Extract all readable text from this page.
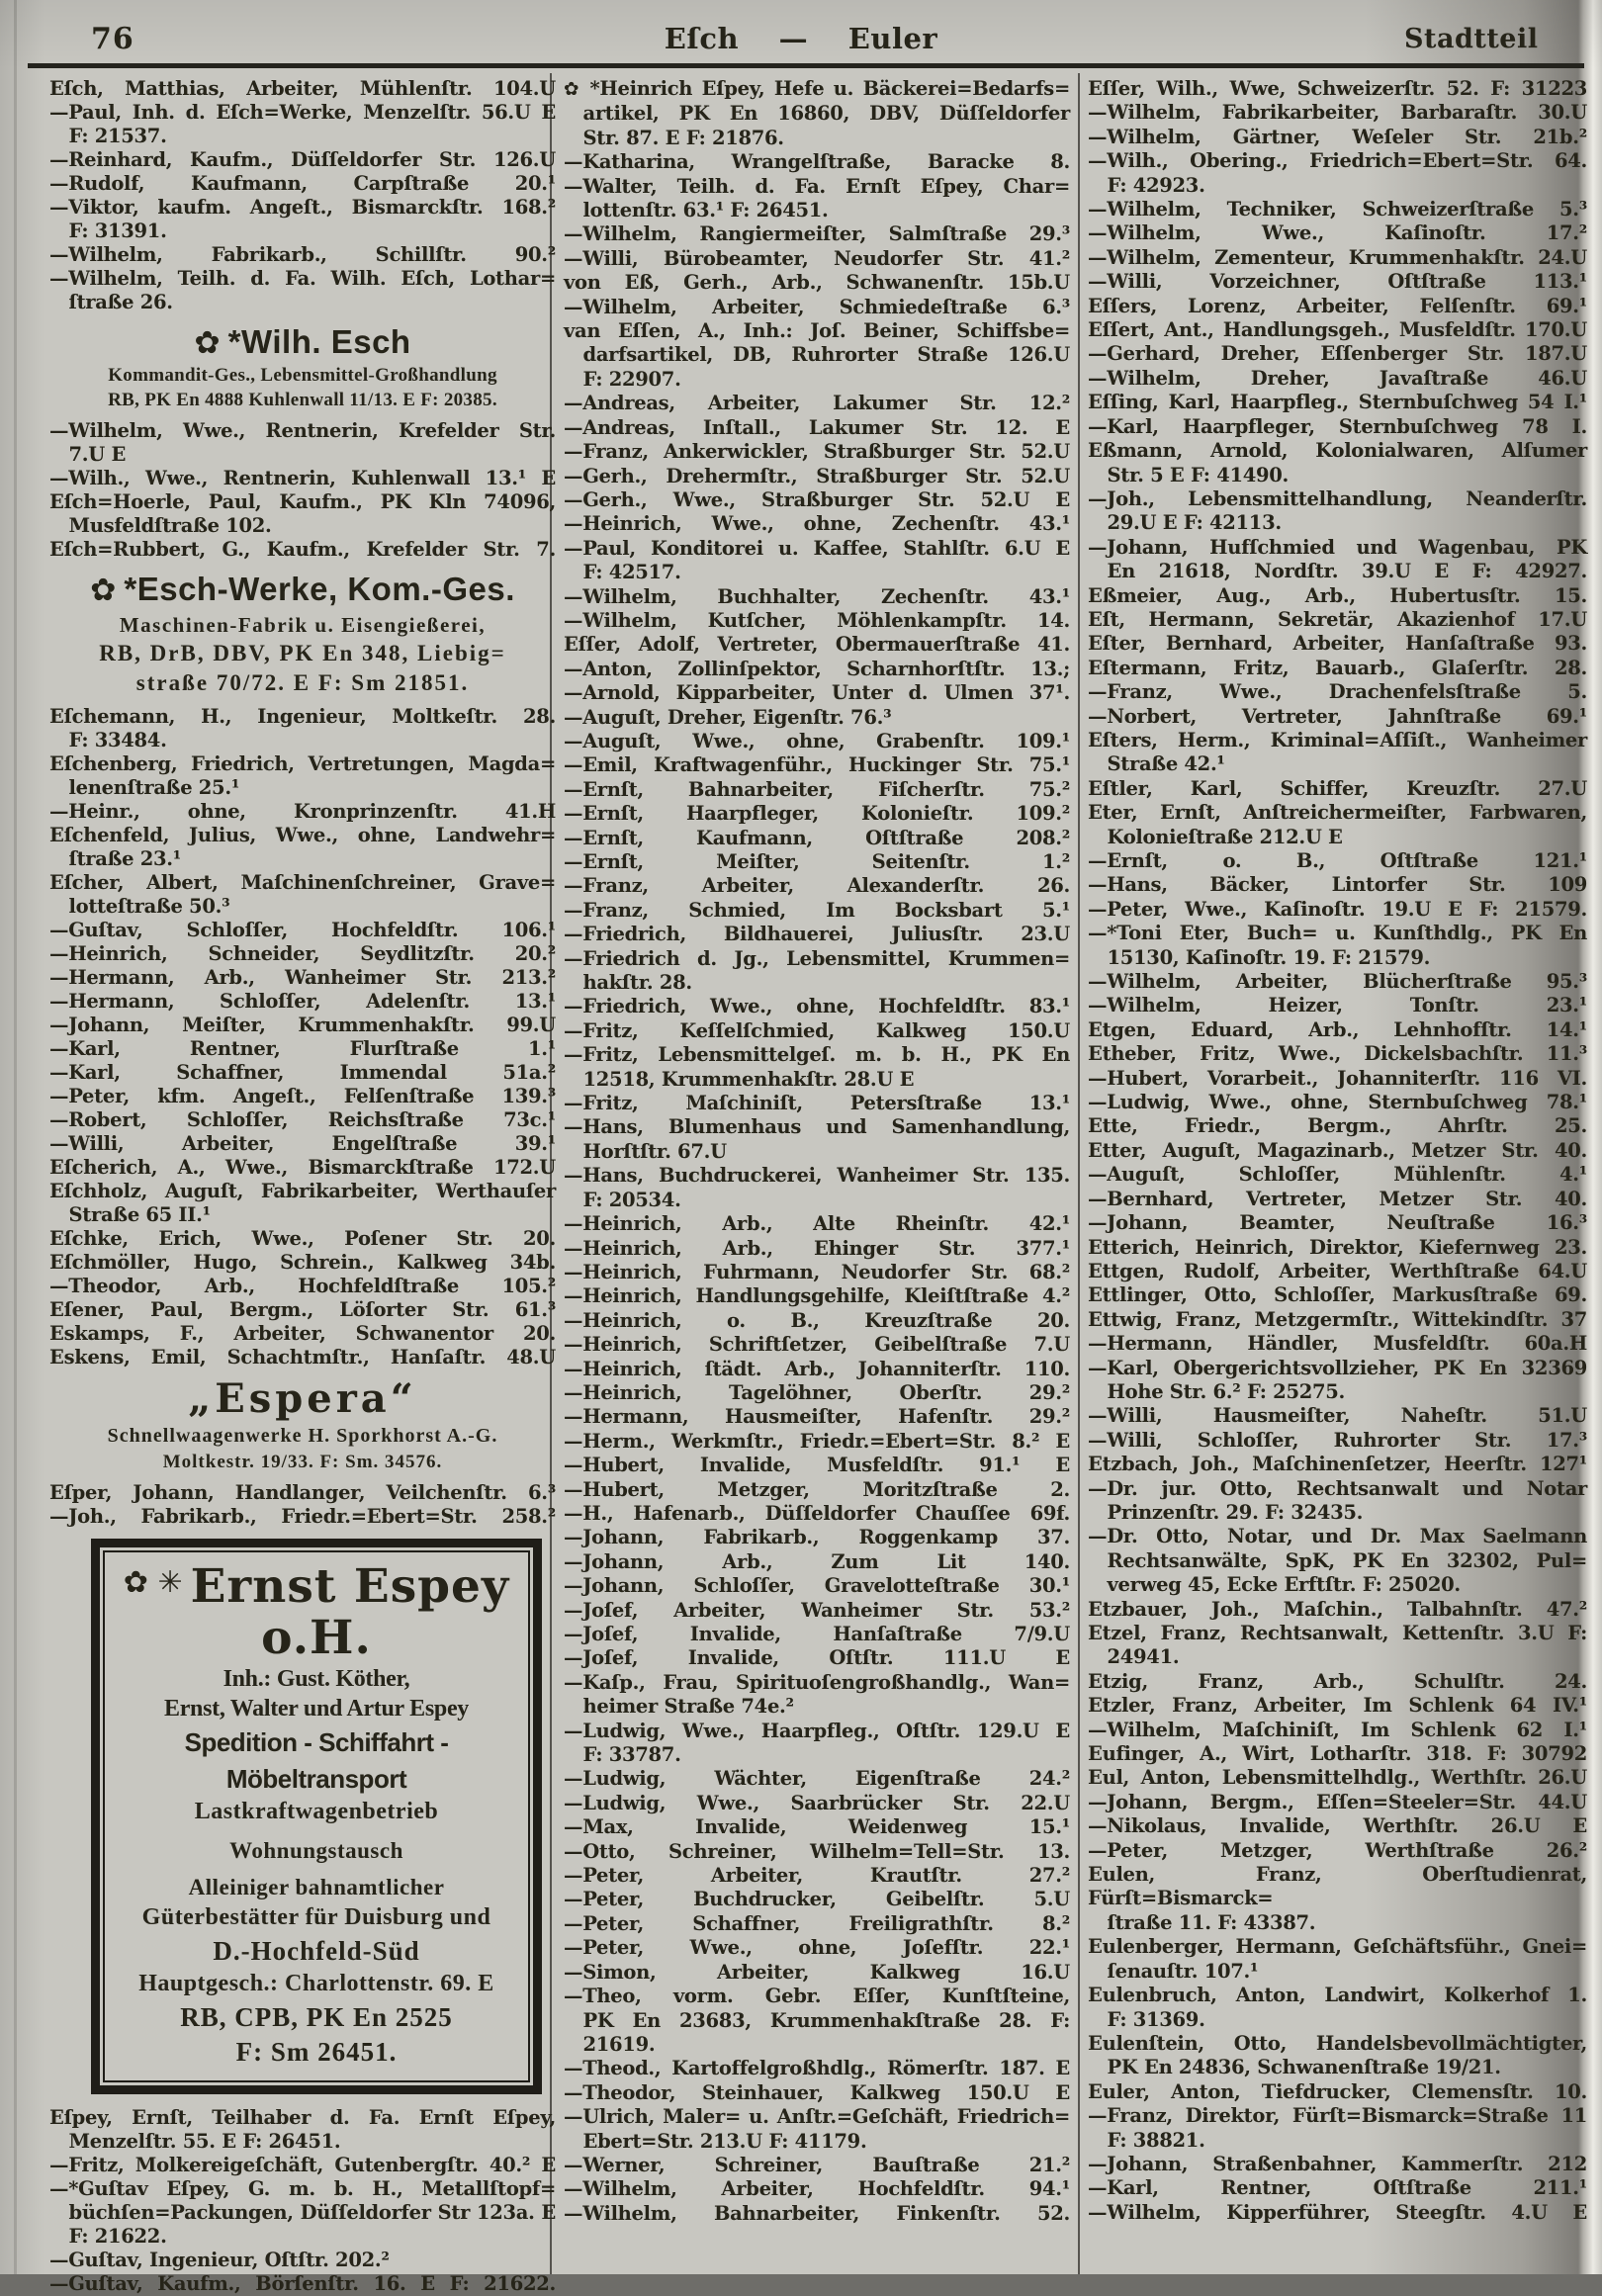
76	Eſch — Euler	Stadtteil
Eſch, Matthias, Arbeiter, Mühlenſtr. 104.U
—Paul, Inh. d. Eſch=Werke, Menzelſtr. 56.U E
F: 21537.
—Reinhard, Kaufm., Düſſeldorfer Str. 126.U
—Rudolf, Kaufmann, Carpſtraße 20.¹
—Viktor, kaufm. Angeſt., Bismarckſtr. 168.²
F: 31391.
—Wilhelm, Fabrikarb., Schillſtr. 90.²
—Wilhelm, Teilh. d. Fa. Wilh. Eſch, Lothar=
ſtraße 26.
✿ *Wilh. Esch
Kommandit-Ges., Lebensmittel-Großhandlung
RB, PK En 4888 Kuhlenwall 11/13. E F: 20385.
—Wilhelm, Wwe., Rentnerin, Krefelder Str.
7.U E
—Wilh., Wwe., Rentnerin, Kuhlenwall 13.¹ E
Eſch=Hoerle, Paul, Kaufm., PK Kln 74096,
Musfeldſtraße 102.
Eſch=Rubbert, G., Kaufm., Krefelder Str. 7.
✿ *Esch-Werke, Kom.-Ges.
Maschinen-Fabrik u. Eisengießerei,
RB, DrB, DBV, PK En 348, Liebig=
straße 70/72. E F: Sm 21851.
Eſchemann, H., Ingenieur, Moltkeſtr. 28.
F: 33484.
Eſchenberg, Friedrich, Vertretungen, Magda=
lenenſtraße 25.¹
—Heinr., ohne, Kronprinzenſtr. 41.H
Eſchenfeld, Julius, Wwe., ohne, Landwehr=
ſtraße 23.¹
Eſcher, Albert, Maſchinenſchreiner, Grave=
lotteſtraße 50.³
—Guſtav, Schloſſer, Hochfeldſtr. 106.¹
—Heinrich, Schneider, Seydlitzſtr. 20.²
—Hermann, Arb., Wanheimer Str. 213.²
—Hermann, Schloſſer, Adelenſtr. 13.¹
—Johann, Meiſter, Krummenhakſtr. 99.U
—Karl, Rentner, Flurſtraße 1.¹
—Karl, Schaffner, Immendal 51a.²
—Peter, kfm. Angeſt., Felſenſtraße 139.³
—Robert, Schloſſer, Reichsſtraße 73c.¹
—Willi, Arbeiter, Engelſtraße 39.¹
Eſcherich, A., Wwe., Bismarckſtraße 172.U
Eſchholz, Auguſt, Fabrikarbeiter, Werthauſer
Straße 65 II.¹
Eſchke, Erich, Wwe., Poſener Str. 20.
Eſchmöller, Hugo, Schrein., Kalkweg 34b.
—Theodor, Arb., Hochfeldſtraße 105.²
Eſener, Paul, Bergm., Löſorter Str. 61.³
Eskamps, F., Arbeiter, Schwanentor 20.
Eskens, Emil, Schachtmſtr., Hanſaſtr. 48.U
„Espera“
Schnellwaagenwerke H. Sporkhorst A.-G.
Moltkestr. 19/33. F: Sm. 34576.
Eſper, Johann, Handlanger, Veilchenſtr. 6.³
—Joh., Fabrikarb., Friedr.=Ebert=Str. 258.²
✿ ✳ Ernst Espey o.H.
Inh.: Gust. Köther,
Ernst, Walter und Artur Espey
Spedition - Schiffahrt - Möbeltransport
Lastkraftwagenbetrieb
Wohnungstausch
Alleiniger bahnamtlicher
Güterbestätter für Duisburg und
D.-Hochfeld-Süd
Hauptgesch.: Charlottenstr. 69. E
RB, CPB, PK En 2525
F: Sm 26451.
Eſpey, Ernſt, Teilhaber d. Fa. Ernſt Eſpey,
Menzelſtr. 55. E F: 26451.
—Fritz, Molkereigeſchäft, Gutenbergſtr. 40.² E
—*Guſtav Eſpey, G. m. b. H., Metallſtopf=
büchſen=Packungen, Düſſeldorfer Str 123a. E
F: 21622.
—Guſtav, Ingenieur, Oſtſtr. 202.²
—Guſtav, Kaufm., Börſenſtr. 16. E F: 21622.
✿ *Heinrich Eſpey, Hefe u. Bäckerei=Bedarfs=
artikel, PK En 16860, DBV, Düſſeldorfer
Str. 87. E F: 21876.
—Katharina, Wrangelſtraße, Baracke 8.
—Walter, Teilh. d. Fa. Ernſt Eſpey, Char=
lottenſtr. 63.¹ F: 26451.
—Wilhelm, Rangiermeiſter, Salmſtraße 29.³
—Willi, Bürobeamter, Neudorfer Str. 41.²
von Eß, Gerh., Arb., Schwanenſtr. 15b.U
—Wilhelm, Arbeiter, Schmiedeſtraße 6.³
van Eſſen, A., Inh.: Joſ. Beiner, Schiffsbe=
darfsartikel, DB, Ruhrorter Straße 126.U
F: 22907.
—Andreas, Arbeiter, Lakumer Str. 12.²
—Andreas, Inſtall., Lakumer Str. 12. E
—Franz, Ankerwickler, Straßburger Str. 52.U
—Gerh., Drehermſtr., Straßburger Str. 52.U
—Gerh., Wwe., Straßburger Str. 52.U E
—Heinrich, Wwe., ohne, Zechenſtr. 43.¹
—Paul, Konditorei u. Kaffee, Stahlſtr. 6.U E
F: 42517.
—Wilhelm, Buchhalter, Zechenſtr. 43.¹
—Wilhelm, Kutſcher, Möhlenkampſtr. 14.
Eſſer, Adolf, Vertreter, Obermauerſtraße 41.
—Anton, Zollinſpektor, Scharnhorſtſtr. 13.;
—Arnold, Kipparbeiter, Unter d. Ulmen 37¹.
—Auguſt, Dreher, Eigenſtr. 76.³
—Auguſt, Wwe., ohne, Grabenſtr. 109.¹
—Emil, Kraftwagenführ., Huckinger Str. 75.¹
—Ernſt, Bahnarbeiter, Fiſcherſtr. 75.²
—Ernſt, Haarpfleger, Kolonieſtr. 109.²
—Ernſt, Kaufmann, Oſtſtraße 208.²
—Ernſt, Meiſter, Seitenſtr. 1.²
—Franz, Arbeiter, Alexanderſtr. 26.
—Franz, Schmied, Im Bocksbart 5.¹
—Friedrich, Bildhauerei, Juliusſtr. 23.U
—Friedrich d. Jg., Lebensmittel, Krummen=
hakſtr. 28.
—Friedrich, Wwe., ohne, Hochfeldſtr. 83.¹
—Fritz, Keſſelſchmied, Kalkweg 150.U
—Fritz, Lebensmittelgeſ. m. b. H., PK En
12518, Krummenhakſtr. 28.U E
—Fritz, Maſchiniſt, Petersſtraße 13.¹
—Hans, Blumenhaus und Samenhandlung,
Horſtſtr. 67.U
—Hans, Buchdruckerei, Wanheimer Str. 135.
F: 20534.
—Heinrich, Arb., Alte Rheinſtr. 42.¹
—Heinrich, Arb., Ehinger Str. 377.¹
—Heinrich, Fuhrmann, Neudorfer Str. 68.²
—Heinrich, Handlungsgehilfe, Kleiſtſtraße 4.²
—Heinrich, o. B., Kreuzſtraße 20.
—Heinrich, Schriftſetzer, Geibelſtraße 7.U
—Heinrich, ſtädt. Arb., Johanniterſtr. 110.
—Heinrich, Tagelöhner, Oberſtr. 29.²
—Hermann, Hausmeiſter, Hafenſtr. 29.²
—Herm., Werkmſtr., Friedr.=Ebert=Str. 8.² E
—Hubert, Invalide, Musfeldſtr. 91.¹ E
—Hubert, Metzger, Moritzſtraße 2.
—H., Hafenarb., Düſſeldorfer Chauſſee 69f.
—Johann, Fabrikarb., Roggenkamp 37.
—Johann, Arb., Zum Lit 140.
—Johann, Schloſſer, Gravelotteſtraße 30.¹
—Joſef, Arbeiter, Wanheimer Str. 53.²
—Joſef, Invalide, Hanſaſtraße 7/9.U
—Joſef, Invalide, Oſtſtr. 111.U E
—Kaſp., Frau, Spirituoſengroßhandlg., Wan=
heimer Straße 74e.²
—Ludwig, Wwe., Haarpfleg., Oſtſtr. 129.U E
F: 33787.
—Ludwig, Wächter, Eigenſtraße 24.²
—Ludwig, Wwe., Saarbrücker Str. 22.U
—Max, Invalide, Weidenweg 15.¹
—Otto, Schreiner, Wilhelm=Tell=Str. 13.
—Peter, Arbeiter, Krautſtr. 27.²
—Peter, Buchdrucker, Geibelſtr. 5.U
—Peter, Schaffner, Freiligrathſtr. 8.²
—Peter, Wwe., ohne, Joſefſtr. 22.¹
—Simon, Arbeiter, Kalkweg 16.U
—Theo, vorm. Gebr. Eſſer, Kunſtſteine,
PK En 23683, Krummenhakſtraße 28. F:
21619.
—Theod., Kartoffelgroßhdlg., Römerſtr. 187. E
—Theodor, Steinhauer, Kalkweg 150.U E
—Ulrich, Maler= u. Anſtr.=Geſchäft, Friedrich=
Ebert=Str. 213.U F: 41179.
—Werner, Schreiner, Bauſtraße 21.²
—Wilhelm, Arbeiter, Hochfeldſtr. 94.¹
—Wilhelm, Bahnarbeiter, Finkenſtr. 52.
Eſſer, Wilh., Wwe, Schweizerſtr. 52. F: 31223
—Wilhelm, Fabrikarbeiter, Barbaraſtr. 30.U
—Wilhelm, Gärtner, Weſeler Str. 21b.²
—Wilh., Obering., Friedrich=Ebert=Str. 64.
F: 42923.
—Wilhelm, Techniker, Schweizerſtraße 5.³
—Wilhelm, Wwe., Kaſinoſtr. 17.²
—Wilhelm, Zementeur, Krummenhakſtr. 24.U
—Willi, Vorzeichner, Oſtſtraße 113.¹
Eſſers, Lorenz, Arbeiter, Felſenſtr. 69.¹
Eſſert, Ant., Handlungsgeh., Musfeldſtr. 170.U
—Gerhard, Dreher, Eſſenberger Str. 187.U
—Wilhelm, Dreher, Javaſtraße 46.U
Eſſing, Karl, Haarpfleg., Sternbuſchweg 54 I.¹
—Karl, Haarpfleger, Sternbuſchweg 78 I.
Eßmann, Arnold, Kolonialwaren, Alſumer
Str. 5 E F: 41490.
—Joh., Lebensmittelhandlung, Neanderſtr.
29.U E F: 42113.
—Johann, Hufſchmied und Wagenbau, PK
En 21618, Nordſtr. 39.U E F: 42927.
Eßmeier, Aug., Arb., Hubertusſtr. 15.
Eſt, Hermann, Sekretär, Akazienhof 17.U
Eſter, Bernhard, Arbeiter, Hanſaſtraße 93.
Eſtermann, Fritz, Bauarb., Glaſerſtr. 28.
—Franz, Wwe., Drachenfelsſtraße 5.
—Norbert, Vertreter, Jahnſtraße 69.¹
Eſters, Herm., Kriminal=Aſſiſt., Wanheimer
Straße 42.¹
Eſtler, Karl, Schiffer, Kreuzſtr. 27.U
Eter, Ernſt, Anſtreichermeiſter, Farbwaren,
Kolonieſtraße 212.U E
—Ernſt, o. B., Oſtſtraße 121.¹
—Hans, Bäcker, Lintorfer Str. 109
—Peter, Wwe., Kaſinoſtr. 19.U E F: 21579.
—*Toni Eter, Buch= u. Kunſthdlg., PK En
15130, Kaſinoſtr. 19. F: 21579.
—Wilhelm, Arbeiter, Blücherſtraße 95.³
—Wilhelm, Heizer, Tonſtr. 23.¹
Etgen, Eduard, Arb., Lehnhofſtr. 14.¹
Etheber, Fritz, Wwe., Dickelsbachſtr. 11.³
—Hubert, Vorarbeit., Johanniterſtr. 116 VI.
—Ludwig, Wwe., ohne, Sternbuſchweg 78.¹
Ette, Friedr., Bergm., Ahrſtr. 25.
Etter, Auguſt, Magazinarb., Metzer Str. 40.
—Auguſt, Schloſſer, Mühlenſtr. 4.¹
—Bernhard, Vertreter, Metzer Str. 40.
—Johann, Beamter, Neuſtraße 16.³
Etterich, Heinrich, Direktor, Kiefernweg 23.
Ettgen, Rudolf, Arbeiter, Werthſtraße 64.U
Ettlinger, Otto, Schloſſer, Markusſtraße 69.
Ettwig, Franz, Metzgermſtr., Wittekindſtr. 37
—Hermann, Händler, Musfeldſtr. 60a.H
—Karl, Obergerichtsvollzieher, PK En 32369
Hohe Str. 6.² F: 25275.
—Willi, Hausmeiſter, Naheſtr. 51.U
—Willi, Schloſſer, Ruhrorter Str. 17.³
Etzbach, Joh., Maſchinenſetzer, Heerſtr. 127¹
—Dr. jur. Otto, Rechtsanwalt und Notar
Prinzenſtr. 29. F: 32435.
—Dr. Otto, Notar, und Dr. Max Saelmann
Rechtsanwälte, SpK, PK En 32302, Pul=
verweg 45, Ecke Erftſtr. F: 25020.
Etzbauer, Joh., Maſchin., Talbahnſtr. 47.²
Etzel, Franz, Rechtsanwalt, Kettenſtr. 3.U F:
24941.
Etzig, Franz, Arb., Schulſtr. 24.
Etzler, Franz, Arbeiter, Im Schlenk 64 IV.¹
—Wilhelm, Maſchiniſt, Im Schlenk 62 I.¹
Eufinger, A., Wirt, Lotharſtr. 318. F: 30792
Eul, Anton, Lebensmittelhdlg., Werthſtr. 26.U
—Johann, Bergm., Eſſen=Steeler=Str. 44.U
—Nikolaus, Invalide, Werthſtr. 26.U E
—Peter, Metzger, Werthſtraße 26.²
Eulen, Franz, Oberſtudienrat, Fürſt=Bismarck=
ſtraße 11. F: 43387.
Eulenberger, Hermann, Geſchäftsführ., Gnei=
ſenauſtr. 107.¹
Eulenbruch, Anton, Landwirt, Kolkerhof 1.
F: 31369.
Eulenſtein, Otto, Handelsbevollmächtigter,
PK En 24836, Schwanenſtraße 19/21.
Euler, Anton, Tiefdrucker, Clemensſtr. 10.
—Franz, Direktor, Fürſt=Bismarck=Straße 11
F: 38821.
—Johann, Straßenbahner, Kammerſtr. 212
—Karl, Rentner, Oſtſtraße 211.¹
—Wilhelm, Kipperführer, Steegſtr. 4.U E
